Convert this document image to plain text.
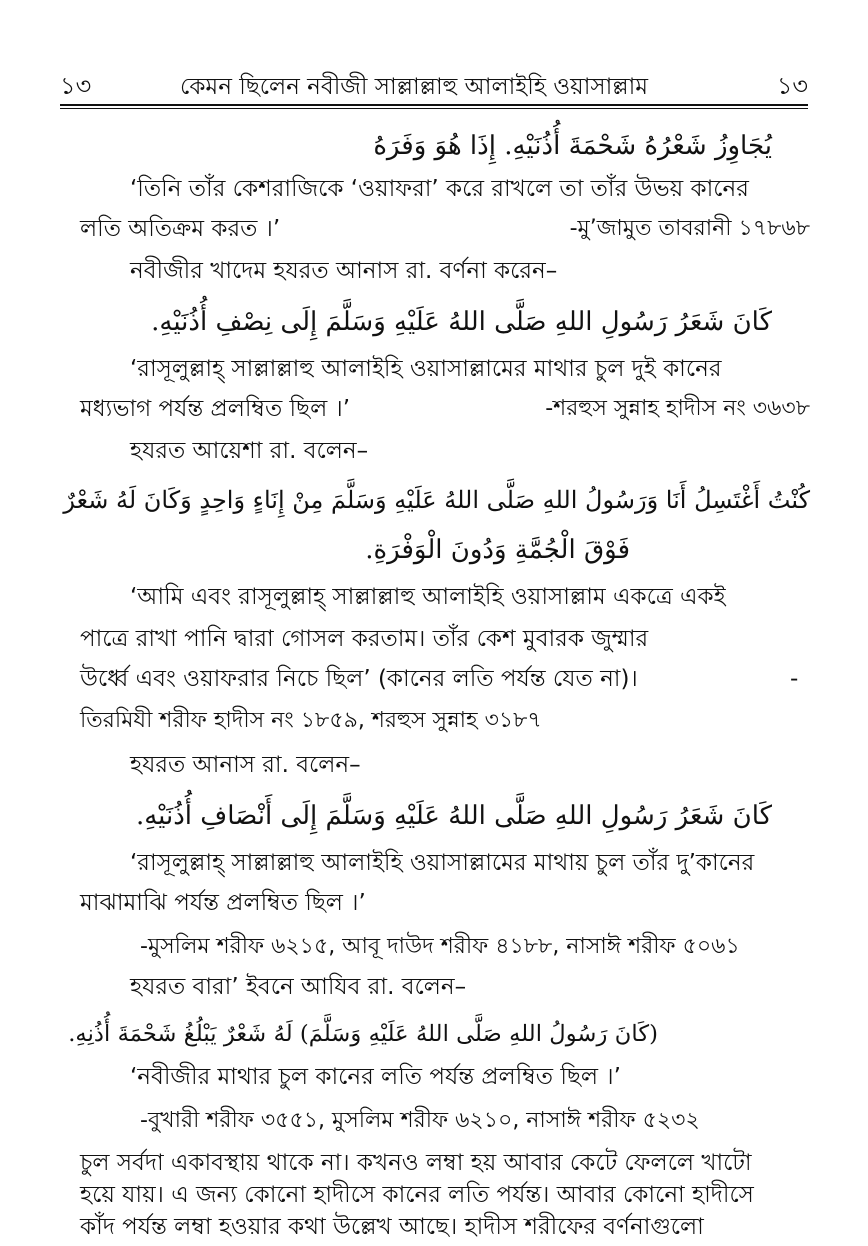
১৩	কেমন ছিলেন নবীজী সাল্লাল্লাহু আলাইহি ওয়াসাল্লাম	১৩
يُجَاوِزُ شَعْرُهُ شَحْمَةَ أُذُنَيْهِ. إِذَا هُوَ وَفَرَهُ
‘তিনি তাঁর কেশরাজিকে ‘ওয়াফরা’ করে রাখলে তা তাঁর উভয় কানের
লতি অতিক্রম করত ।’	-মু’জামুত তাবরানী ১৭৮৬৮
নবীজীর খাদেম হযরত আনাস রা. বর্ণনা করেন–
كَانَ شَعَرُ رَسُولِ اللهِ صَلَّى اللهُ عَلَيْهِ وَسَلَّمَ إِلَى نِصْفِ أُذُنَيْهِ.
‘রাসূলুল্লাহ্ সাল্লাল্লাহু আলাইহি ওয়াসাল্লামের মাথার চুল দুই কানের
মধ্যভাগ পর্যন্ত প্রলম্বিত ছিল ।’	-শরহুস সুন্নাহ হাদীস নং ৩৬৩৮
হযরত আয়েশা রা. বলেন–
كُنْتُ أَغْتَسِلُ أَنَا وَرَسُولُ اللهِ صَلَّى اللهُ عَلَيْهِ وَسَلَّمَ مِنْ إِنَاءٍ وَاحِدٍ وَكَانَ لَهُ شَعْرٌ
فَوْقَ الْجُمَّةِ وَدُونَ الْوَفْرَةِ.
‘আমি এবং রাসূলুল্লাহ্ সাল্লাল্লাহু আলাইহি ওয়াসাল্লাম একত্রে একই
পাত্রে রাখা পানি দ্বারা গোসল করতাম। তাঁর কেশ মুবারক জুম্মার
উর্ধ্বে এবং ওয়াফরার নিচে ছিল’ (কানের লতি পর্যন্ত যেত না)।	-
তিরমিযী শরীফ হাদীস নং ১৮৫৯, শরহুস সুন্নাহ ৩১৮৭
হযরত আনাস রা. বলেন–
كَانَ شَعَرُ رَسُولِ اللهِ صَلَّى اللهُ عَلَيْهِ وَسَلَّمَ إِلَى أَنْصَافِ أُذُنَيْهِ.
‘রাসূলুল্লাহ্ সাল্লাল্লাহু আলাইহি ওয়াসাল্লামের মাথায় চুল তাঁর দু’কানের
মাঝামাঝি পর্যন্ত প্রলম্বিত ছিল ।’
-মুসলিম শরীফ ৬২১৫, আবূ দাউদ শরীফ ৪১৮৮, নাসাঈ শরীফ ৫০৬১
হযরত বারা’ ইবনে আযিব রা. বলেন–
(كَانَ رَسُولُ اللهِ صَلَّى اللهُ عَلَيْهِ وَسَلَّمَ) لَهُ شَعْرٌ يَبْلُغُ شَحْمَةَ أُذُنِهِ.
‘নবীজীর মাথার চুল কানের লতি পর্যন্ত প্রলম্বিত ছিল ।’
-বুখারী শরীফ ৩৫৫১, মুসলিম শরীফ ৬২১০, নাসাঈ শরীফ ৫২৩২
চুল সর্বদা একাবস্থায় থাকে না। কখনও লম্বা হয় আবার কেটে ফেললে খাটো
হয়ে যায়। এ জন্য কোনো হাদীসে কানের লতি পর্যন্ত। আবার কোনো হাদীসে
কাঁদ পর্যন্ত লম্বা হওয়ার কথা উল্লেখ আছে। হাদীস শরীফের বর্ণনাগুলো
